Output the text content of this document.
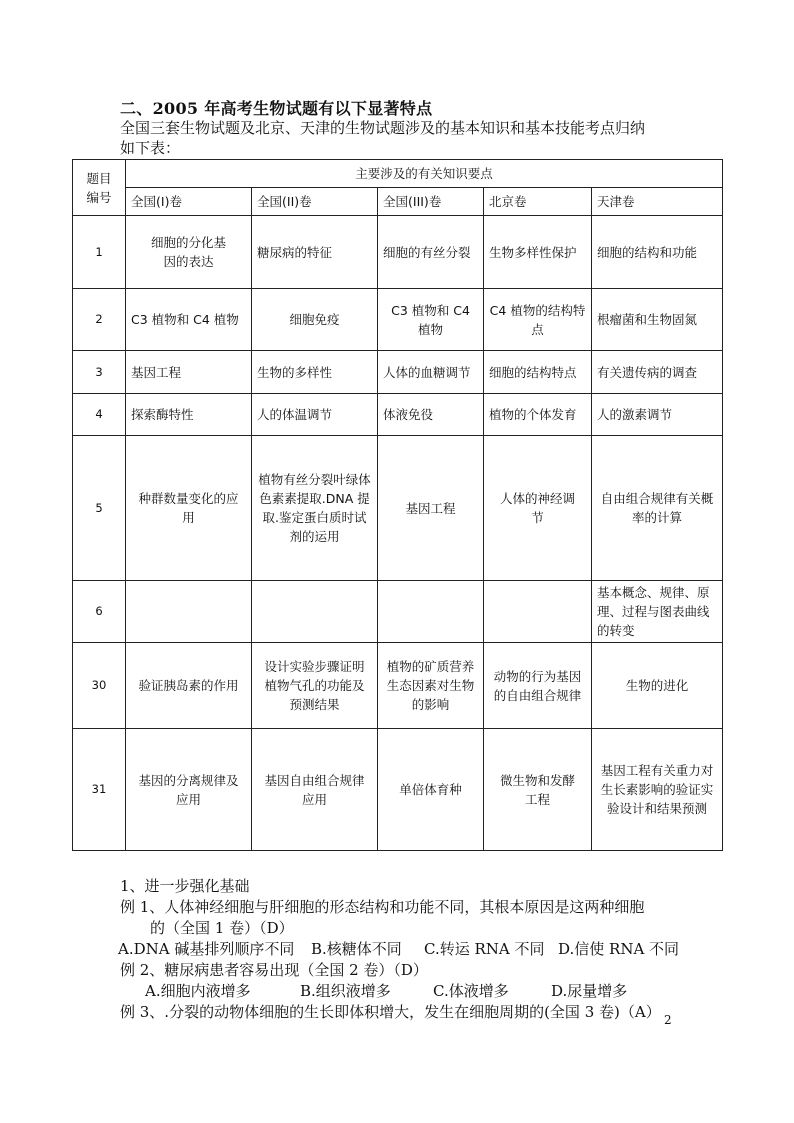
二、2005 年高考生物试题有以下显著特点
全国三套生物试题及北京、天津的生物试题涉及的基本知识和基本技能考点归纳
如下表：
题目编号	主要涉及的有关知识要点				
	全国(I)卷	全国(II)卷	全国(III)卷	北京卷	天津卷
1	细胞的分化基因的表达	糖尿病的特征	细胞的有丝分裂	生物多样性保护	细胞的结构和功能
2	C3 植物和 C4 植物	细胞免疫	C3 植物和 C4 植物	C4 植物的结构特点	根瘤菌和生物固氮
3	基因工程	生物的多样性	人体的血糖调节	细胞的结构特点	有关遗传病的调查
4	探索酶特性	人的体温调节	体液免役	植物的个体发育	人的激素调节
5	种群数量变化的应用	植物有丝分裂叶绿体色素素提取.DNA 提取.鉴定蛋白质时试剂的运用	基因工程	人体的神经调节	自由组合规律有关概率的计算
6					基本概念、规律、原理、过程与图表曲线的转变
30	验证胰岛素的作用	设计实验步骤证明植物气孔的功能及预测结果	植物的矿质营养生态因素对生物的影响	动物的行为基因的自由组合规律	生物的进化
31	基因的分离规律及应用	基因自由组合规律应用	单倍体育种	微生物和发酵工程	基因工程有关重力对生长素影响的验证实验设计和结果预测
1、进一步强化基础
例 1、人体神经细胞与肝细胞的形态结构和功能不同，其根本原因是这两种细胞
的（全国 1 卷）（D）
A.DNA 碱基排列顺序不同 B.核糖体不同 C.转运 RNA 不同 D.信使 RNA 不同
例 2、糖尿病患者容易出现（全国 2 卷）（D）
A.细胞内液增多	B.组织液增多	C.体液增多	D.尿量增多
例 3、.分裂的动物体细胞的生长即体积增大，发生在细胞周期的(全国 3 卷)（A） 2
